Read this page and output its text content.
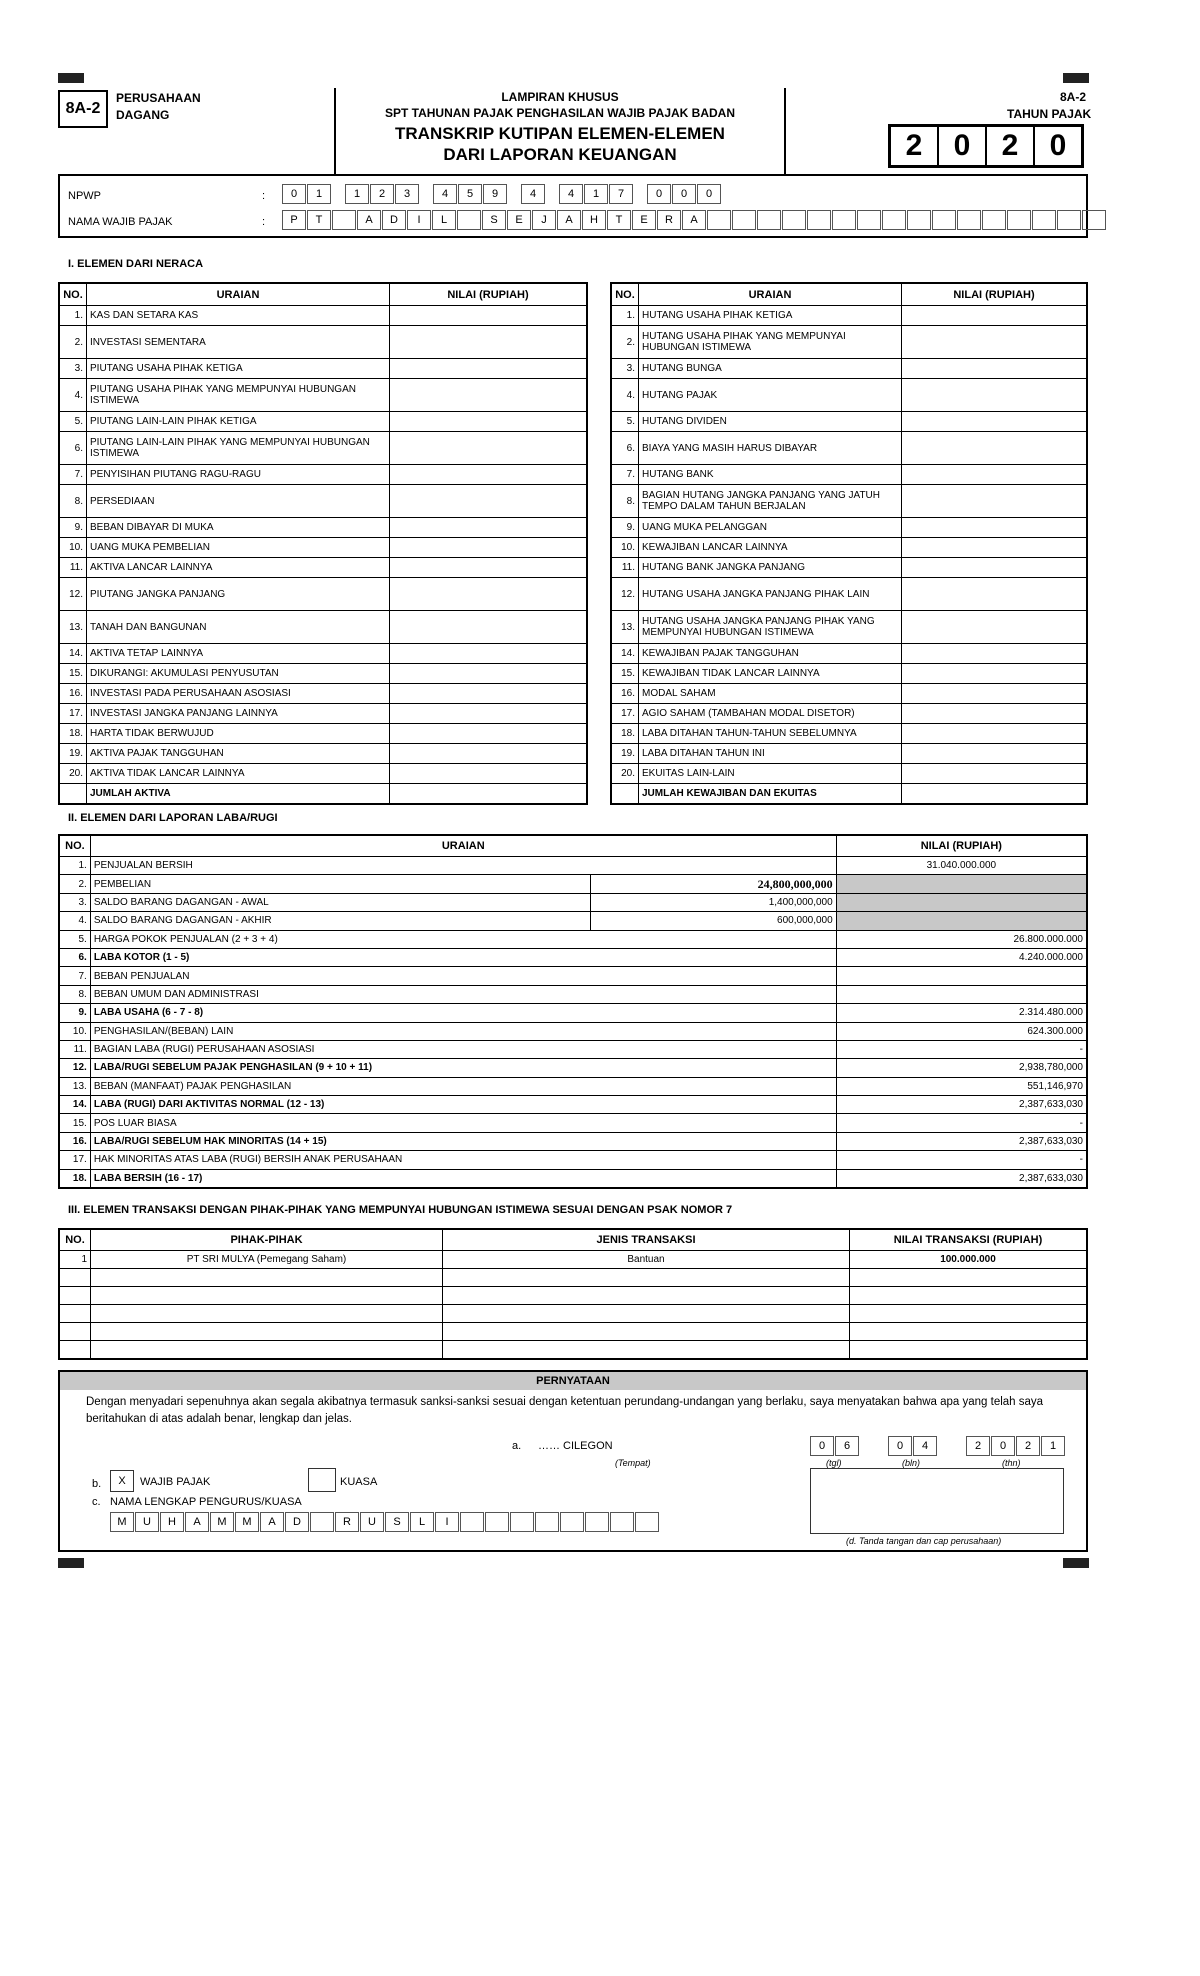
8A-2
PERUSAHAAN
DAGANG
LAMPIRAN KHUSUS
SPT TAHUNAN PAJAK PENGHASILAN WAJIB PAJAK BADAN
TRANSKRIP KUTIPAN ELEMEN-ELEMEN
DARI LAPORAN KEUANGAN
8A-2
TAHUN PAJAK
2	0	2	0
NPWP	:	0	1	1	2	3	4	5	9	4	4	1	7	0	0	0
NAMA WAJIB PAJAK	:	P	T	A	D	I	L	S	E	J	A	H	T	E	R	A
I. ELEMEN DARI NERACA
NO.	URAIAN	NILAI (RUPIAH)
1.	KAS DAN SETARA KAS	
2.	INVESTASI SEMENTARA	
3.	PIUTANG USAHA PIHAK KETIGA	
4.	PIUTANG USAHA PIHAK YANG MEMPUNYAI HUBUNGAN ISTIMEWA	
5.	PIUTANG LAIN-LAIN PIHAK KETIGA	
6.	PIUTANG LAIN-LAIN PIHAK YANG MEMPUNYAI HUBUNGAN ISTIMEWA	
7.	PENYISIHAN PIUTANG RAGU-RAGU	
8.	PERSEDIAAN	
9.	BEBAN DIBAYAR DI MUKA	
10.	UANG MUKA PEMBELIAN	
11.	AKTIVA LANCAR LAINNYA	
12.	PIUTANG JANGKA PANJANG	
13.	TANAH DAN BANGUNAN	
14.	AKTIVA TETAP LAINNYA	
15.	DIKURANGI: AKUMULASI PENYUSUTAN	
16.	INVESTASI PADA PERUSAHAAN ASOSIASI	
17.	INVESTASI JANGKA PANJANG LAINNYA	
18.	HARTA TIDAK BERWUJUD	
19.	AKTIVA PAJAK TANGGUHAN	
20.	AKTIVA TIDAK LANCAR LAINNYA	
	JUMLAH AKTIVA	
NO.	URAIAN	NILAI (RUPIAH)
1.	HUTANG USAHA PIHAK KETIGA	
2.	HUTANG USAHA PIHAK YANG MEMPUNYAI HUBUNGAN ISTIMEWA	
3.	HUTANG BUNGA	
4.	HUTANG PAJAK	
5.	HUTANG DIVIDEN	
6.	BIAYA YANG MASIH HARUS DIBAYAR	
7.	HUTANG BANK	
8.	BAGIAN HUTANG JANGKA PANJANG YANG JATUH TEMPO DALAM TAHUN BERJALAN	
9.	UANG MUKA PELANGGAN	
10.	KEWAJIBAN LANCAR LAINNYA	
11.	HUTANG BANK JANGKA PANJANG	
12.	HUTANG USAHA JANGKA PANJANG PIHAK LAIN	
13.	HUTANG USAHA JANGKA PANJANG PIHAK YANG MEMPUNYAI HUBUNGAN ISTIMEWA	
14.	KEWAJIBAN PAJAK TANGGUHAN	
15.	KEWAJIBAN TIDAK LANCAR LAINNYA	
16.	MODAL SAHAM	
17.	AGIO SAHAM (TAMBAHAN MODAL DISETOR)	
18.	LABA DITAHAN TAHUN-TAHUN SEBELUMNYA	
19.	LABA DITAHAN TAHUN INI	
20.	EKUITAS LAIN-LAIN	
	JUMLAH KEWAJIBAN DAN EKUITAS	
II. ELEMEN DARI LAPORAN LABA/RUGI
NO.	URAIAN		NILAI (RUPIAH)
1.	PENJUALAN BERSIH		31.040.000.000
2.	PEMBELIAN	24,800,000,000	
3.	SALDO BARANG DAGANGAN - AWAL	1,400,000,000	
4.	SALDO BARANG DAGANGAN - AKHIR	600,000,000	
5.	HARGA POKOK PENJUALAN (2 + 3 + 4)		26.800.000.000
6.	LABA KOTOR (1 - 5)		4.240.000.000
7.	BEBAN PENJUALAN		
8.	BEBAN UMUM DAN ADMINISTRASI		
9.	LABA USAHA (6 - 7 - 8)		2.314.480.000
10.	PENGHASILAN/(BEBAN) LAIN		624.300.000
11.	BAGIAN LABA (RUGI) PERUSAHAAN ASOSIASI		-
12.	LABA/RUGI SEBELUM PAJAK PENGHASILAN (9 + 10 + 11)		2,938,780,000
13.	BEBAN (MANFAAT) PAJAK PENGHASILAN		551,146,970
14.	LABA (RUGI) DARI AKTIVITAS NORMAL (12 - 13)		2,387,633,030
15.	POS LUAR BIASA		-
16.	LABA/RUGI SEBELUM HAK MINORITAS (14 + 15)		2,387,633,030
17.	HAK MINORITAS ATAS LABA (RUGI) BERSIH ANAK PERUSAHAAN		-
18.	LABA BERSIH (16 - 17)		2,387,633,030
III. ELEMEN TRANSAKSI DENGAN PIHAK-PIHAK YANG MEMPUNYAI HUBUNGAN ISTIMEWA SESUAI DENGAN PSAK NOMOR 7
NO.	PIHAK-PIHAK	JENIS TRANSAKSI	NILAI TRANSAKSI (RUPIAH)
1	PT SRI MULYA (Pemegang Saham)	Bantuan	100.000.000

PERNYATAAN
Dengan menyadari sepenuhnya akan segala akibatnya termasuk sanksi-sanksi sesuai dengan ketentuan perundang-undangan yang berlaku, saya menyatakan bahwa apa yang telah saya beritahukan di atas adalah benar, lengkap dan jelas.
a. …… CILEGON
(Tempat)
0	6	0	4	2	0	2	1
(tgl)	(bln)	(thn)
b.	X	WAJIB PAJAK	KUASA
c. NAMA LENGKAP PENGURUS/KUASA
M	U	H	A	M	M	A	D	R	U	S	L	I
(d. Tanda tangan dan cap perusahaan)
